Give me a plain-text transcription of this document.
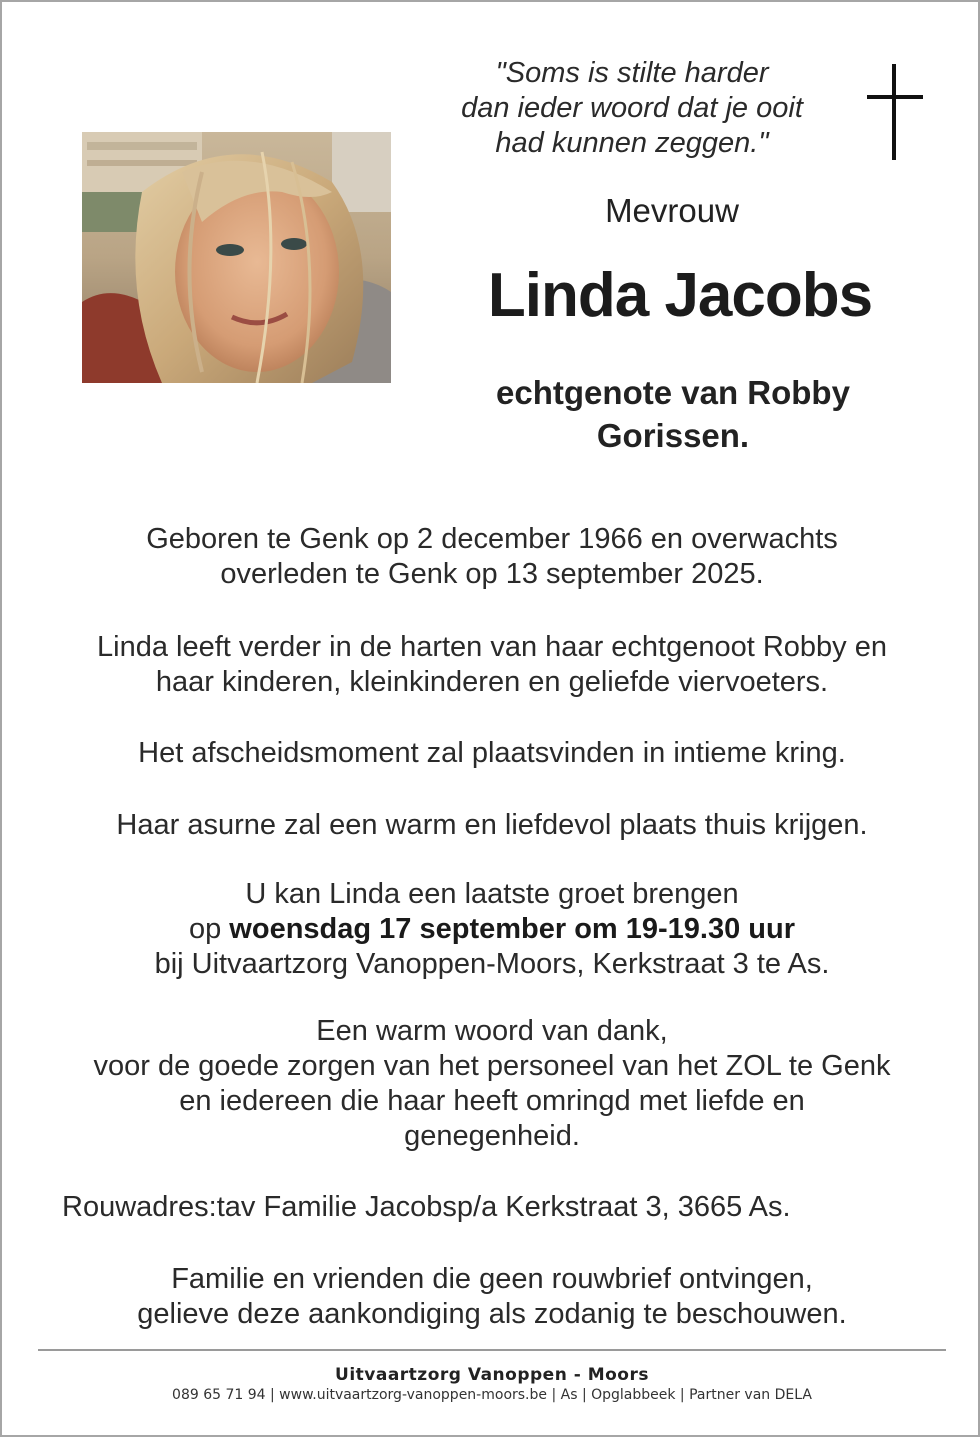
"Soms is stilte harder
dan ieder woord dat je ooit
had kunnen zeggen."
Mevrouw
Linda Jacobs
echtgenote van Robby
Gorissen.
Geboren te Genk op 2 december 1966 en overwachts
overleden te Genk op 13 september 2025.
Linda leeft verder in de harten van haar echtgenoot Robby en
haar kinderen, kleinkinderen en geliefde viervoeters.
Het afscheidsmoment zal plaatsvinden in intieme kring.
Haar asurne zal een warm en liefdevol plaats thuis krijgen.
U kan Linda een laatste groet brengen
op woensdag 17 september om 19-19.30 uur
bij Uitvaartzorg Vanoppen-Moors, Kerkstraat 3 te As.
Een warm woord van dank,
voor de goede zorgen van het personeel van het ZOL te Genk
en iedereen die haar heeft omringd met liefde en
genegenheid.
Rouwadres:tav Familie Jacobsp/a Kerkstraat 3, 3665 As.
Familie en vrienden die geen rouwbrief ontvingen,
gelieve deze aankondiging als zodanig te beschouwen.
Uitvaartzorg Vanoppen - Moors
089 65 71 94 | www.uitvaartzorg-vanoppen-moors.be | As | Opglabbeek | Partner van DELA
